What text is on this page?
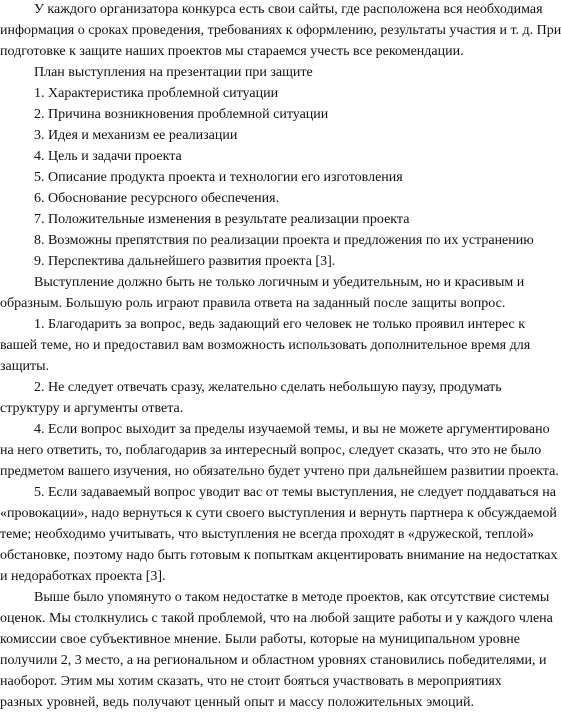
У каждого организатора конкурса есть свои сайты, где расположена вся необходимая
информация о сроках проведения, требованиях к оформлению, результаты участия и т. д. При
подготовке к защите наших проектов мы стараемся учесть все рекомендации.
План выступления на презентации при защите
1. Характеристика проблемной ситуации
2. Причина возникновения проблемной ситуации
3. Идея и механизм ее реализации
4. Цель и задачи проекта
5. Описание продукта проекта и технологии его изготовления
6. Обоснование ресурсного обеспечения.
7. Положительные изменения в результате реализации проекта
8. Возможны препятствия по реализации проекта и предложения по их устранению
9. Перспектива дальнейшего развития проекта [3].
Выступление должно быть не только логичным и убедительным, но и красивым и
образным. Большую роль играют правила ответа на заданный после защиты вопрос.
1. Благодарить за вопрос, ведь задающий его человек не только проявил интерес к
вашей теме, но и предоставил вам возможность использовать дополнительное время для
защиты.
2. Не следует отвечать сразу, желательно сделать небольшую паузу, продумать
структуру и аргументы ответа.
4. Если вопрос выходит за пределы изучаемой темы, и вы не можете аргументировано
на него ответить, то, поблагодарив за интересный вопрос, следует сказать, что это не было
предметом вашего изучения, но обязательно будет учтено при дальнейшем развитии проекта.
5. Если задаваемый вопрос уводит вас от темы выступления, не следует поддаваться на
«провокации», надо вернуться к сути своего выступления и вернуть партнера к обсуждаемой
теме; необходимо учитывать, что выступления не всегда проходят в «дружеской, теплой»
обстановке, поэтому надо быть готовым к попыткам акцентировать внимание на недостатках
и недоработках проекта [3].
Выше было упомянуто о таком недостатке в методе проектов, как отсутствие системы
оценок. Мы столкнулись с такой проблемой, что на любой защите работы и у каждого члена
комиссии свое субъективное мнение. Были работы, которые на муниципальном уровне
получили 2, 3 место, а на региональном и областном уровнях становились победителями, и
наоборот. Этим мы хотим сказать, что не стоит бояться участвовать в мероприятиях
разных уровней, ведь получают ценный опыт и массу положительных эмоций.
